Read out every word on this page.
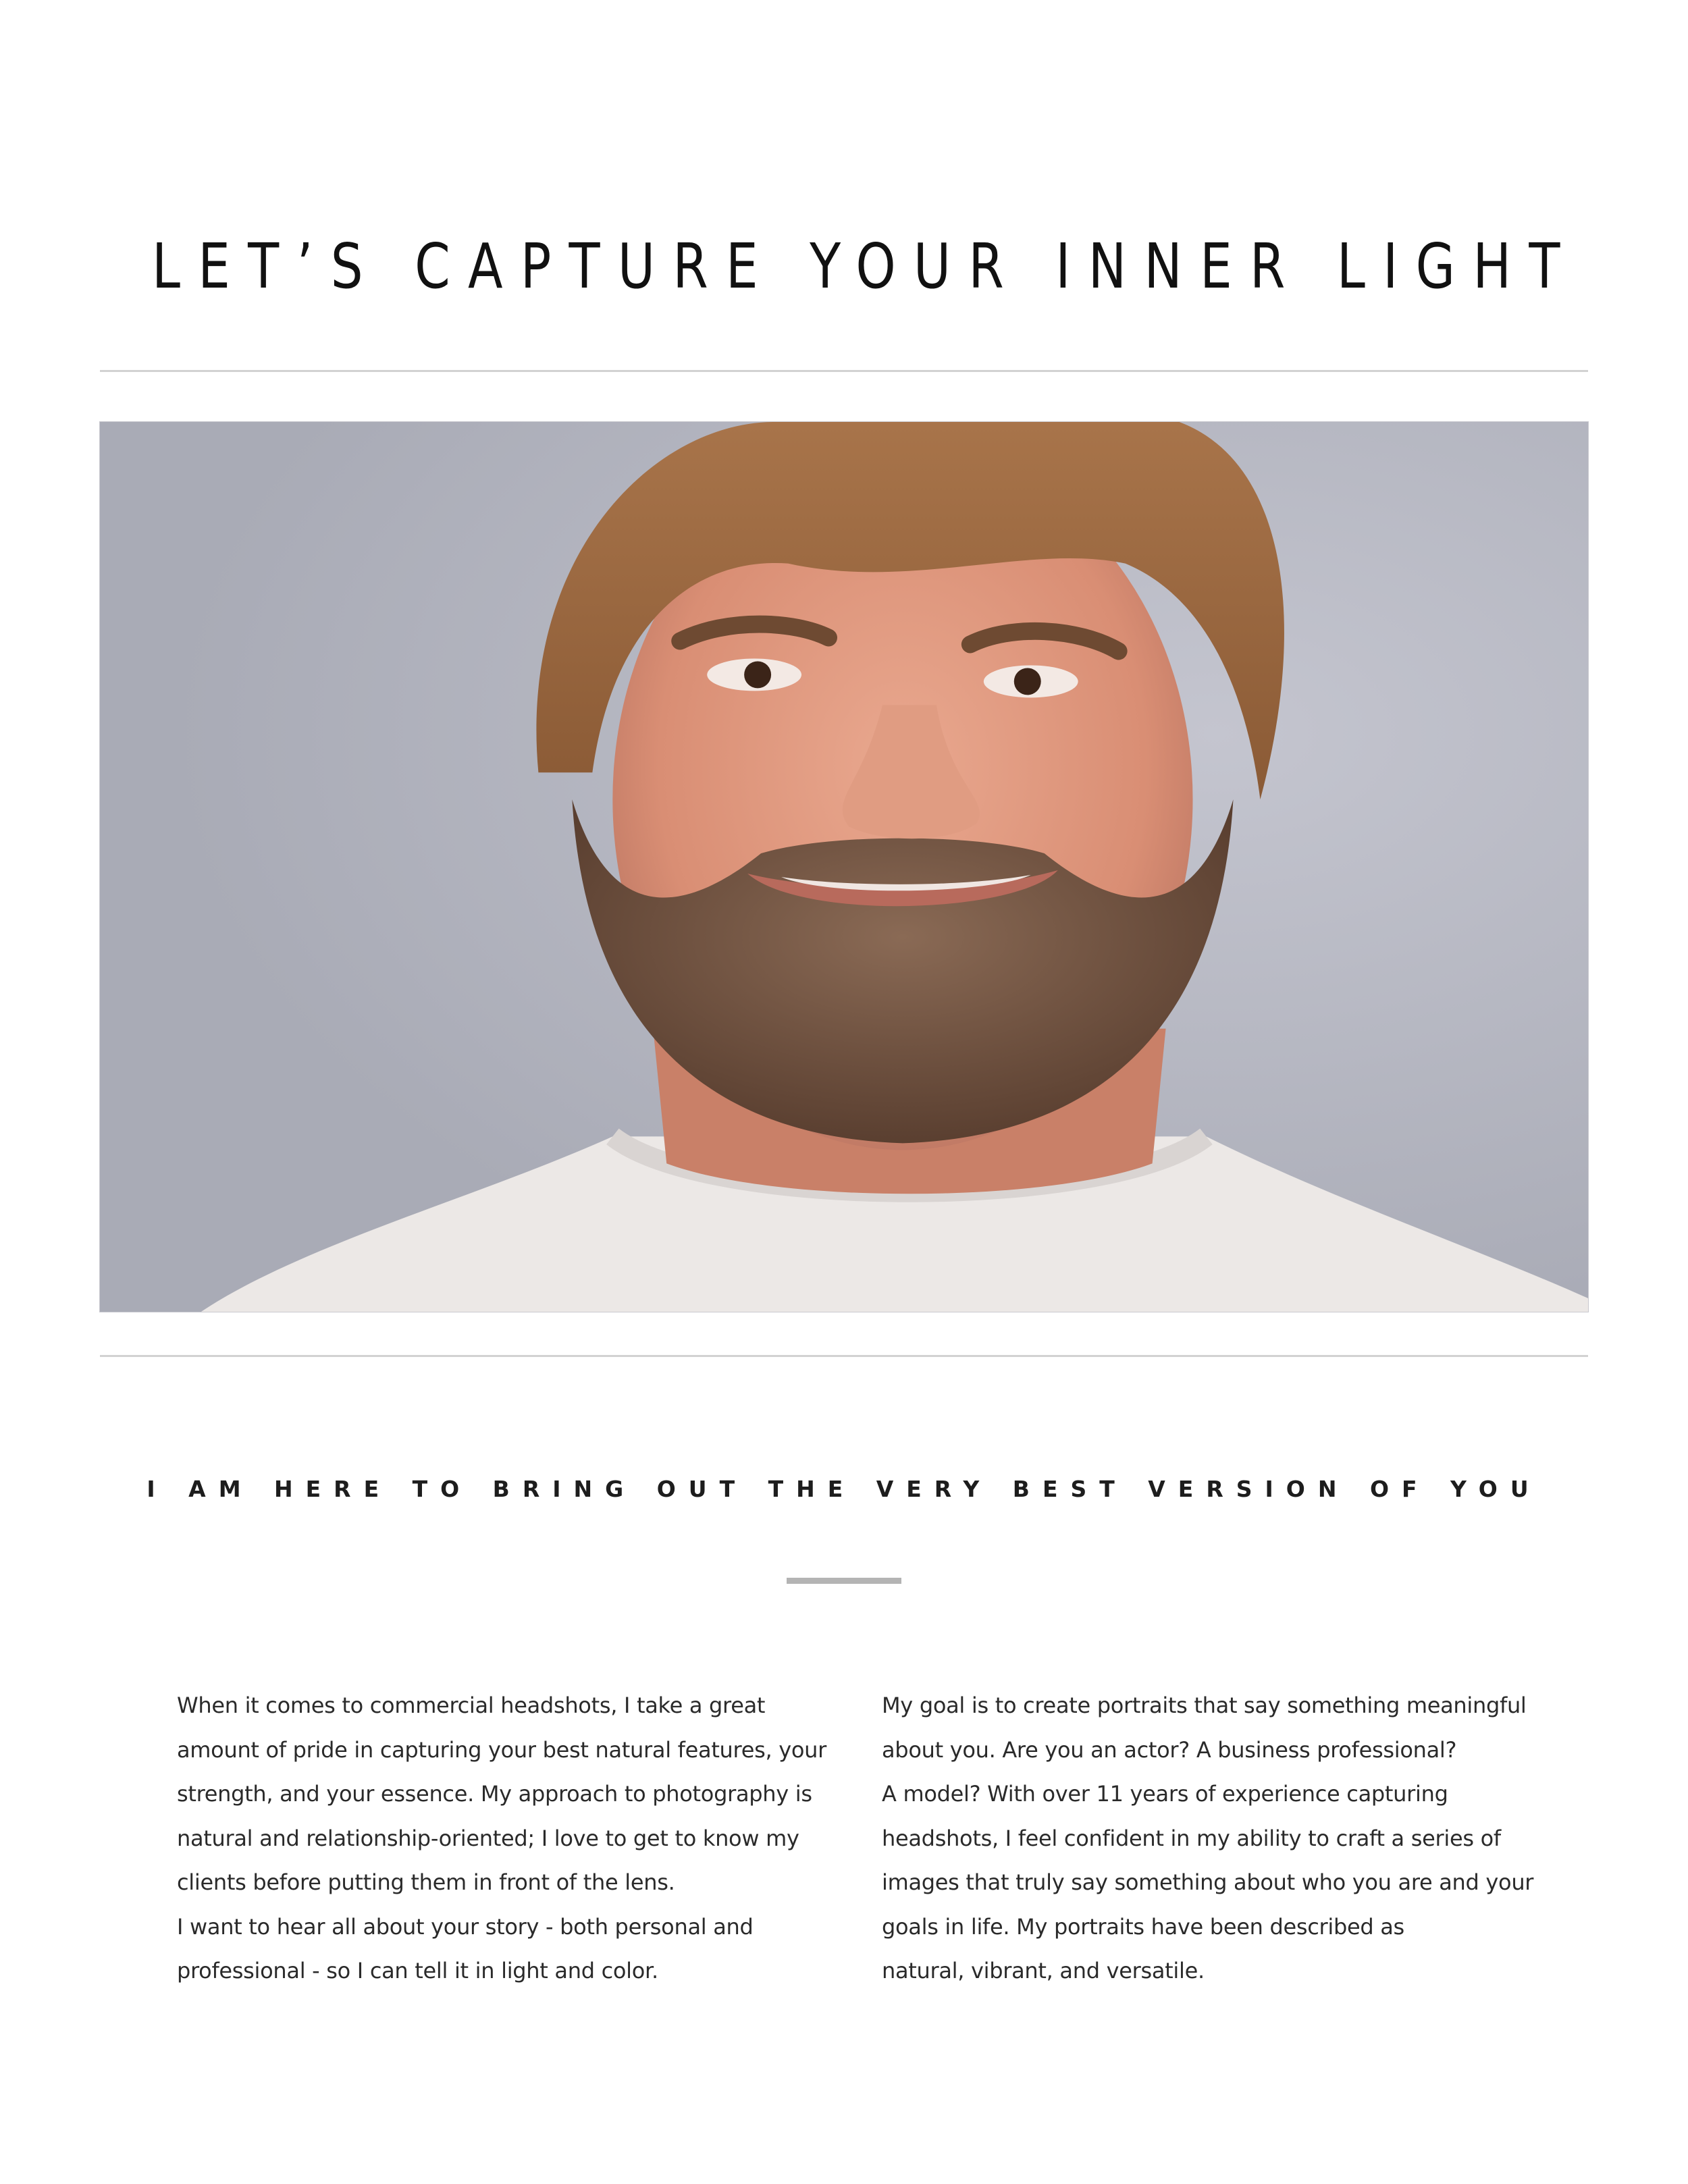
LET’S CAPTURE YOUR INNER LIGHT
I AM HERE TO BRING OUT THE VERY BEST VERSION OF YOU
When it comes to commercial headshots, I take a great
amount of pride in capturing your best natural features, your
strength, and your essence. My approach to photography is
natural and relationship-oriented; I love to get to know my
clients before putting them in front of the lens.
I want to hear all about your story - both personal and
professional - so I can tell it in light and color.
My goal is to create portraits that say something meaningful
about you. Are you an actor? A business professional?
A model? With over 11 years of experience capturing
headshots, I feel confident in my ability to craft a series of
images that truly say something about who you are and your
goals in life. My portraits have been described as
natural, vibrant, and versatile.
